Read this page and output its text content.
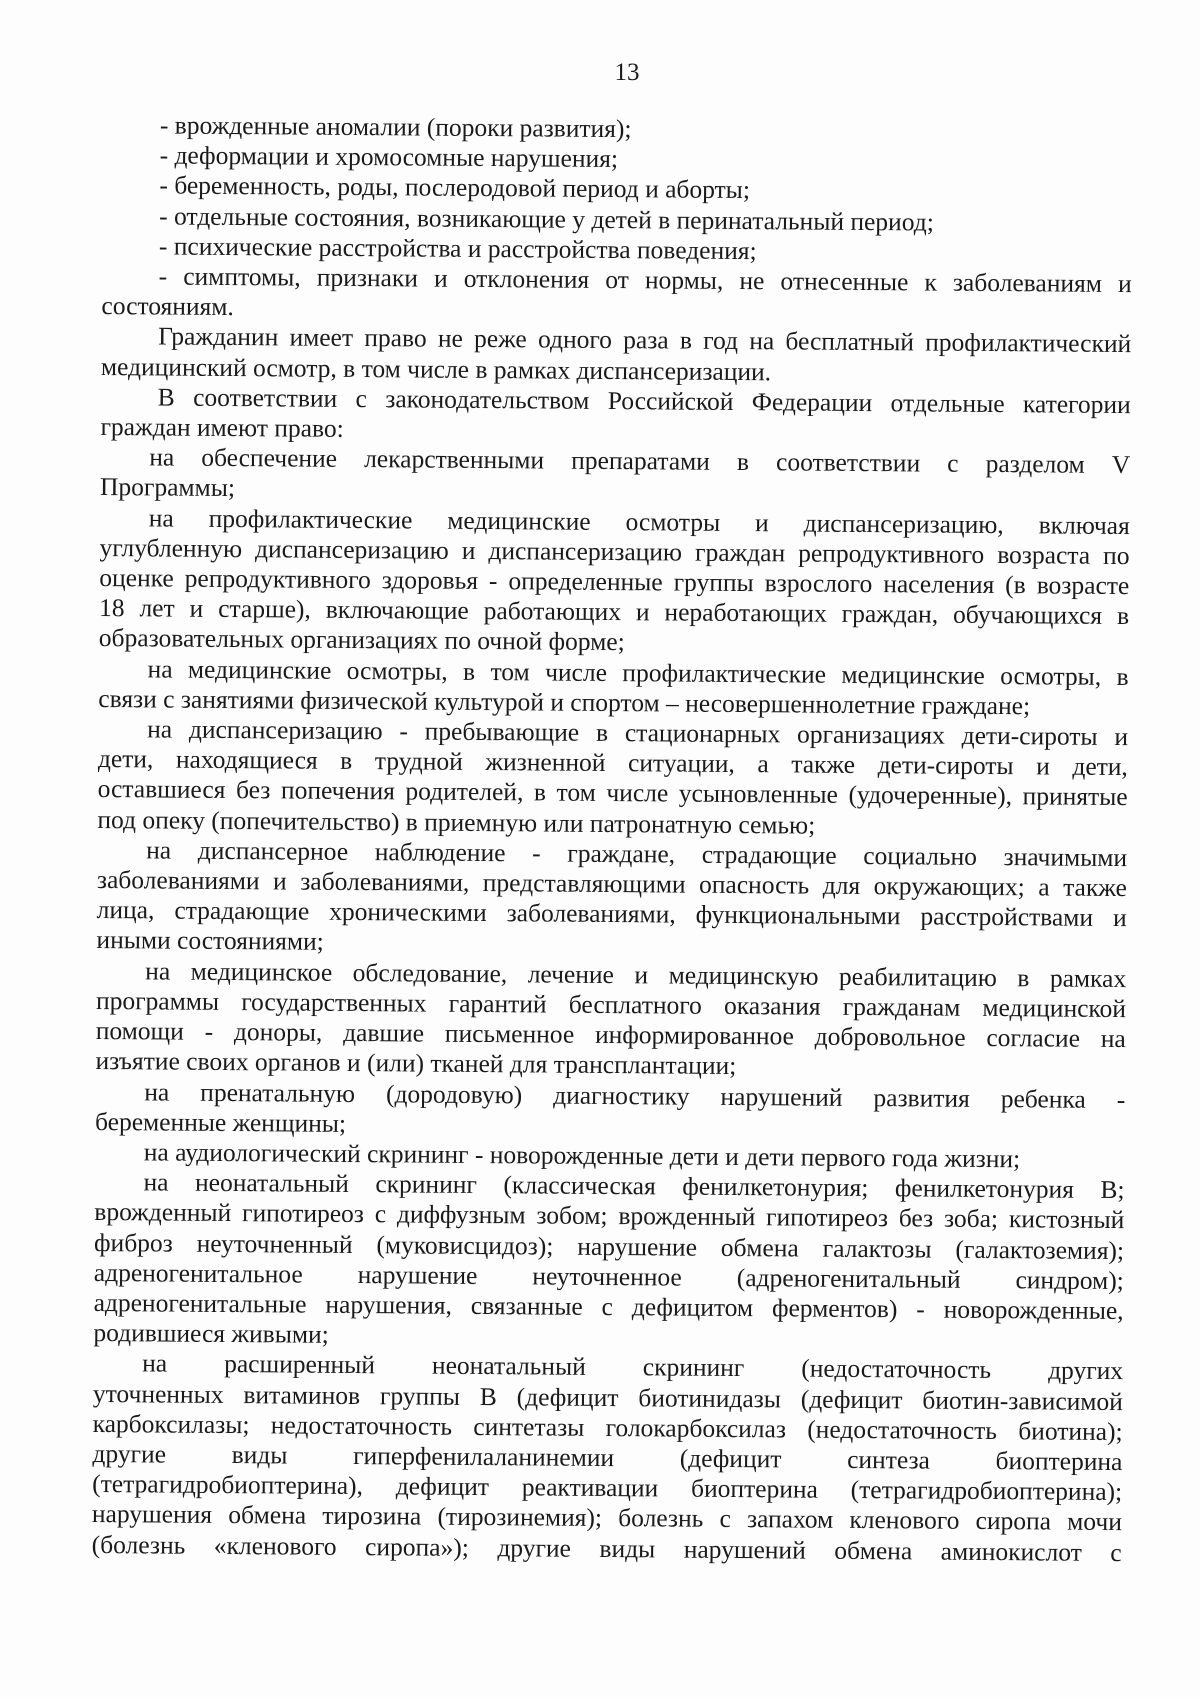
13
- врожденные аномалии (пороки развития);
- деформации и хромосомные нарушения;
- беременность, роды, послеродовой период и аборты;
- отдельные состояния, возникающие у детей в перинатальный период;
- психические расстройства и расстройства поведения;
- симптомы, признаки и отклонения от нормы, не отнесенные к заболеваниям и
состояниям.
Гражданин имеет право не реже одного раза в год на бесплатный профилактический
медицинский осмотр, в том числе в рамках диспансеризации.
В соответствии с законодательством Российской Федерации отдельные категории
граждан имеют право:
на обеспечение лекарственными препаратами в соответствии с разделом V
Программы;
на профилактические медицинские осмотры и диспансеризацию, включая
углубленную диспансеризацию и диспансеризацию граждан репродуктивного возраста по
оценке репродуктивного здоровья - определенные группы взрослого населения (в возрасте
18 лет и старше), включающие работающих и неработающих граждан, обучающихся в
образовательных организациях по очной форме;
на медицинские осмотры, в том числе профилактические медицинские осмотры, в
связи с занятиями физической культурой и спортом – несовершеннолетние граждане;
на диспансеризацию - пребывающие в стационарных организациях дети-сироты и
дети, находящиеся в трудной жизненной ситуации, а также дети-сироты и дети,
оставшиеся без попечения родителей, в том числе усыновленные (удочеренные), принятые
под опеку (попечительство) в приемную или патронатную семью;
на диспансерное наблюдение - граждане, страдающие социально значимыми
заболеваниями и заболеваниями, представляющими опасность для окружающих; а также
лица, страдающие хроническими заболеваниями, функциональными расстройствами и
иными состояниями;
на медицинское обследование, лечение и медицинскую реабилитацию в рамках
программы государственных гарантий бесплатного оказания гражданам медицинской
помощи - доноры, давшие письменное информированное добровольное согласие на
изъятие своих органов и (или) тканей для трансплантации;
на пренатальную (дородовую) диагностику нарушений развития ребенка -
беременные женщины;
на аудиологический скрининг - новорожденные дети и дети первого года жизни;
на неонатальный скрининг (классическая фенилкетонурия; фенилкетонурия В;
врожденный гипотиреоз с диффузным зобом; врожденный гипотиреоз без зоба; кистозный
фиброз неуточненный (муковисцидоз); нарушение обмена галактозы (галактоземия);
адреногенитальное нарушение неуточненное (адреногенитальный синдром);
адреногенитальные нарушения, связанные с дефицитом ферментов) - новорожденные,
родившиеся живыми;
на расширенный неонатальный скрининг (недостаточность других
уточненных витаминов группы В (дефицит биотинидазы (дефицит биотин-зависимой
карбоксилазы; недостаточность синтетазы голокарбоксилаз (недостаточность биотина);
другие виды гиперфенилаланинемии (дефицит синтеза биоптерина
(тетрагидробиоптерина), дефицит реактивации биоптерина (тетрагидробиоптерина);
нарушения обмена тирозина (тирозинемия); болезнь с запахом кленового сиропа мочи
(болезнь «кленового сиропа»); другие виды нарушений обмена аминокислот с
